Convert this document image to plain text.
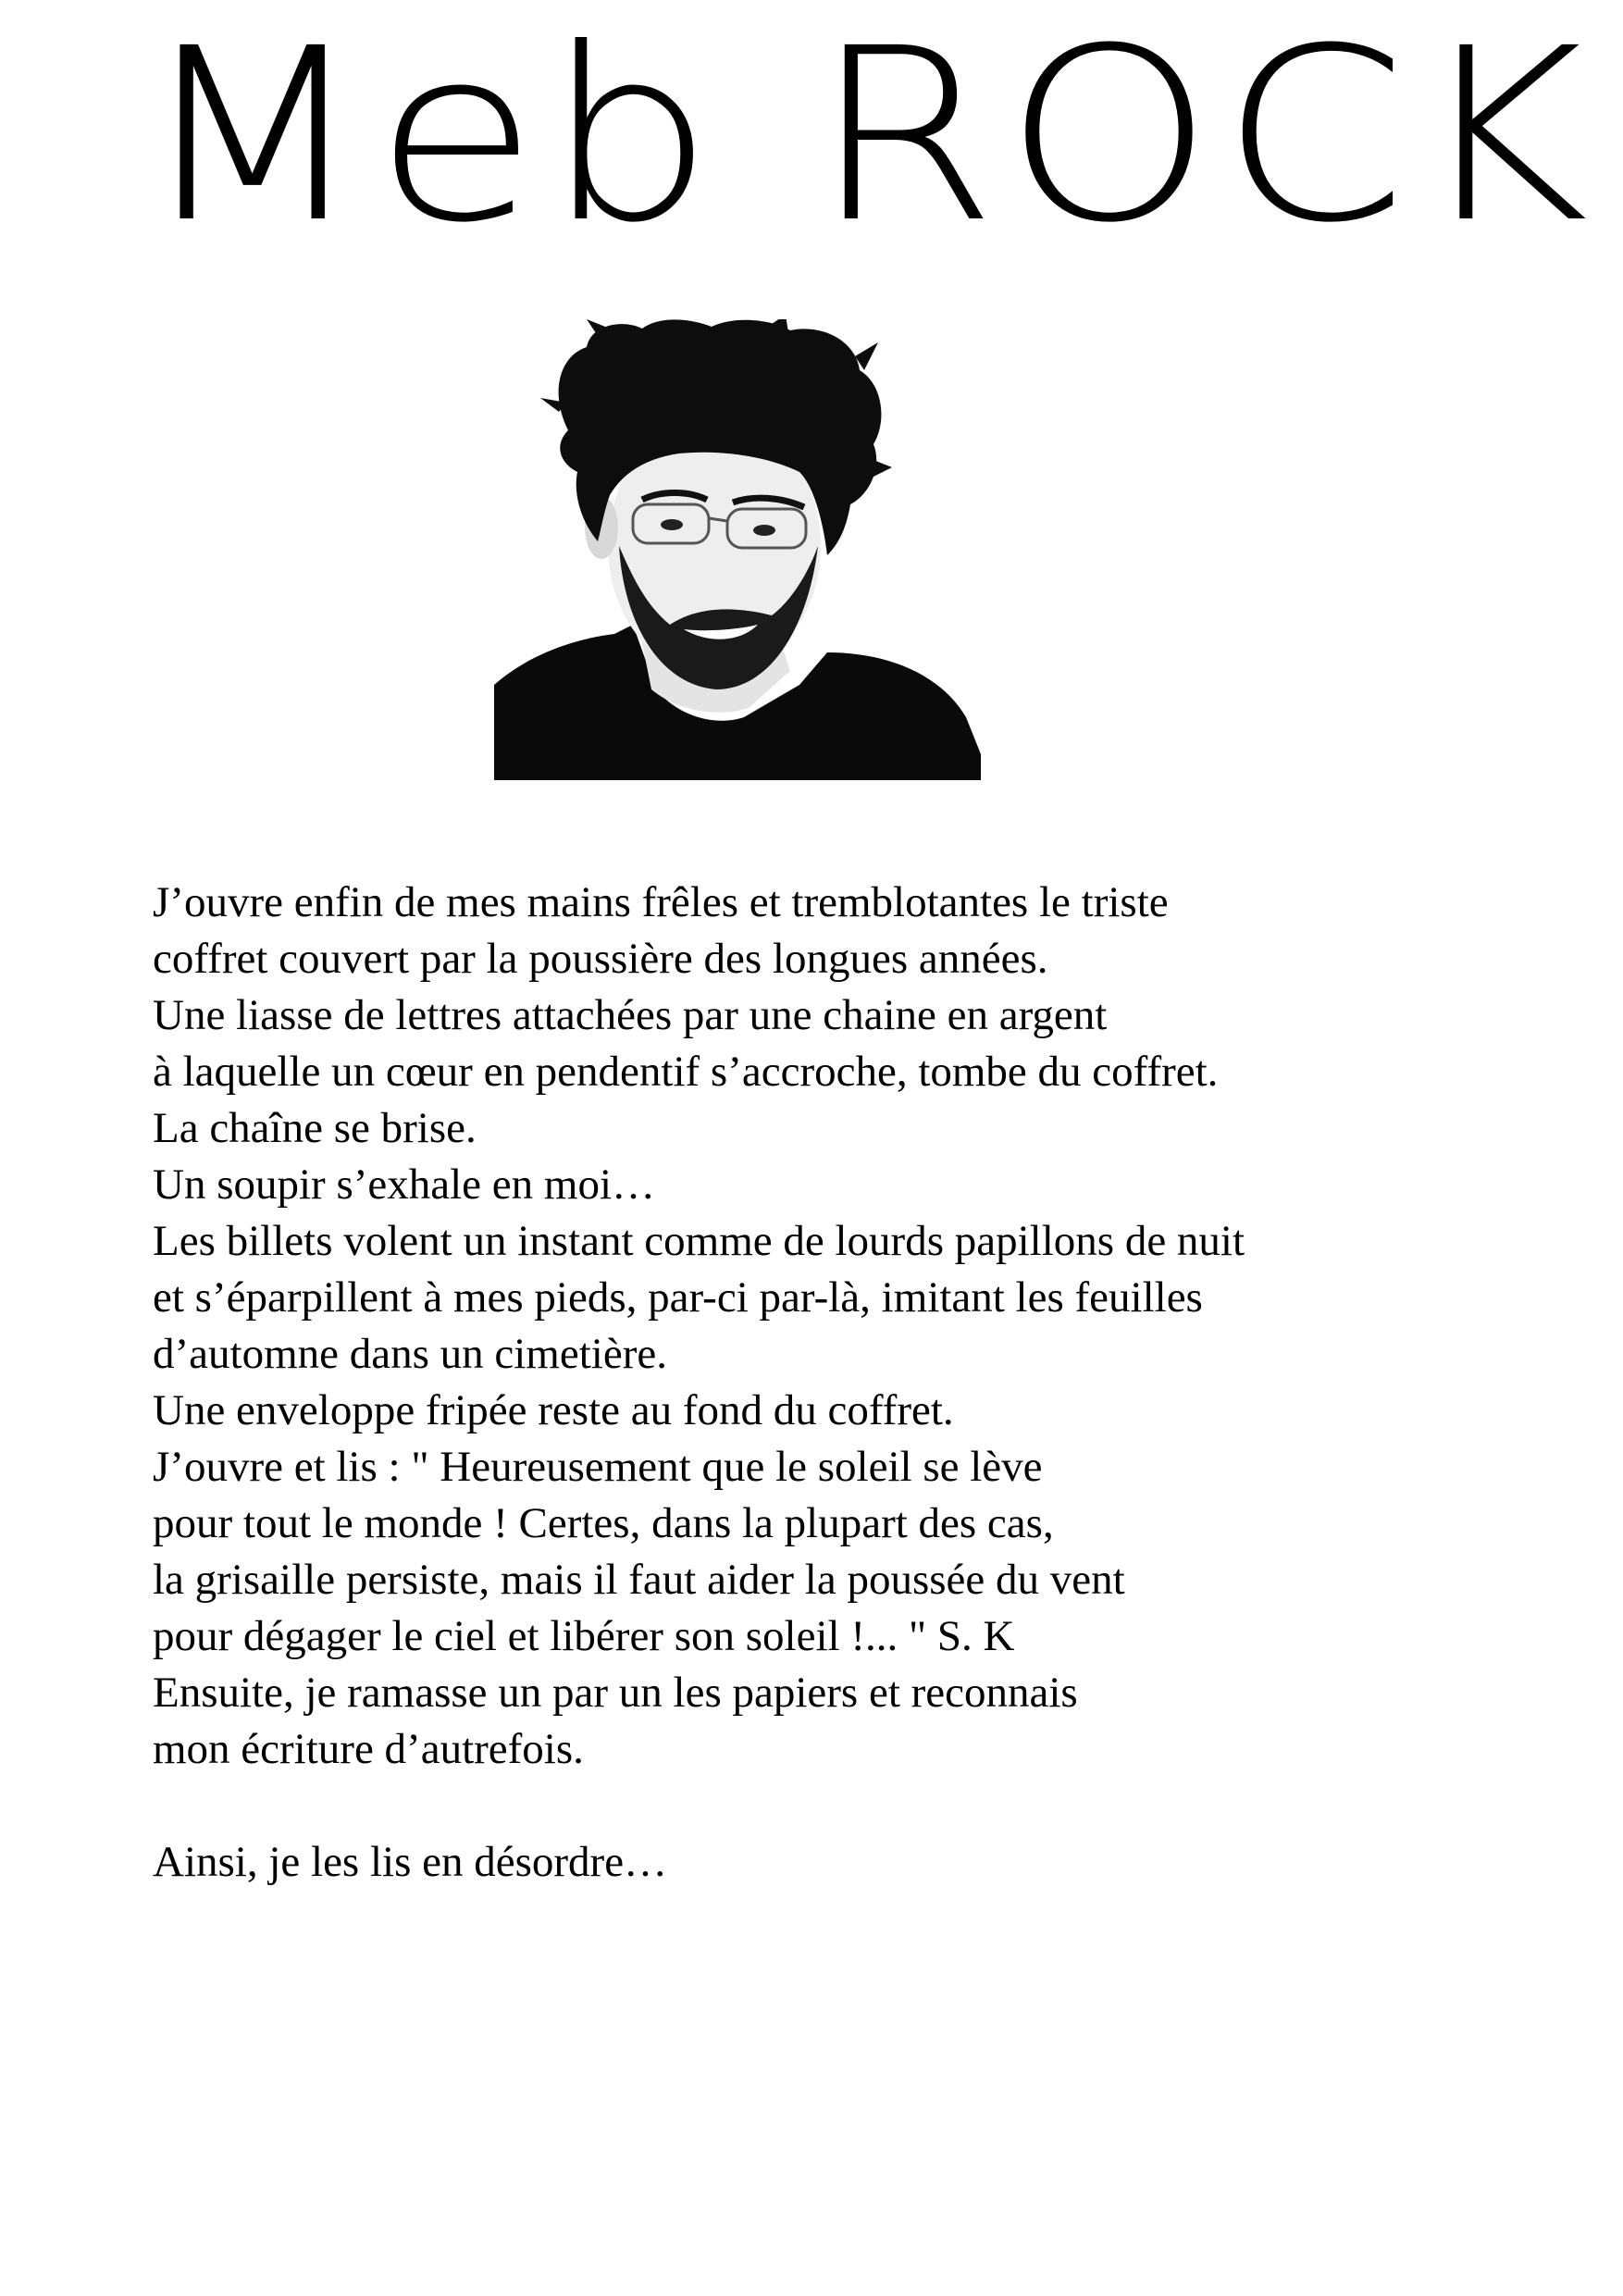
Meb ROCK
J’ouvre enfin de mes mains frêles et tremblotantes le triste
coffret couvert par la poussière des longues années.
Une liasse de lettres attachées par une chaine en argent
à laquelle un cœur en pendentif s’accroche, tombe du coffret.
La chaîne se brise.
Un soupir s’exhale en moi…
Les billets volent un instant comme de lourds papillons de nuit
et s’éparpillent à mes pieds, par-ci par-là, imitant les feuilles
d’automne dans un cimetière.
Une enveloppe fripée reste au fond du coffret.
J’ouvre et lis : " Heureusement que le soleil se lève
pour tout le monde ! Certes, dans la plupart des cas,
la grisaille persiste, mais il faut aider la poussée du vent
pour dégager le ciel et libérer son soleil !... " S. K
Ensuite, je ramasse un par un les papiers et reconnais
mon écriture d’autrefois.
Ainsi, je les lis en désordre…
